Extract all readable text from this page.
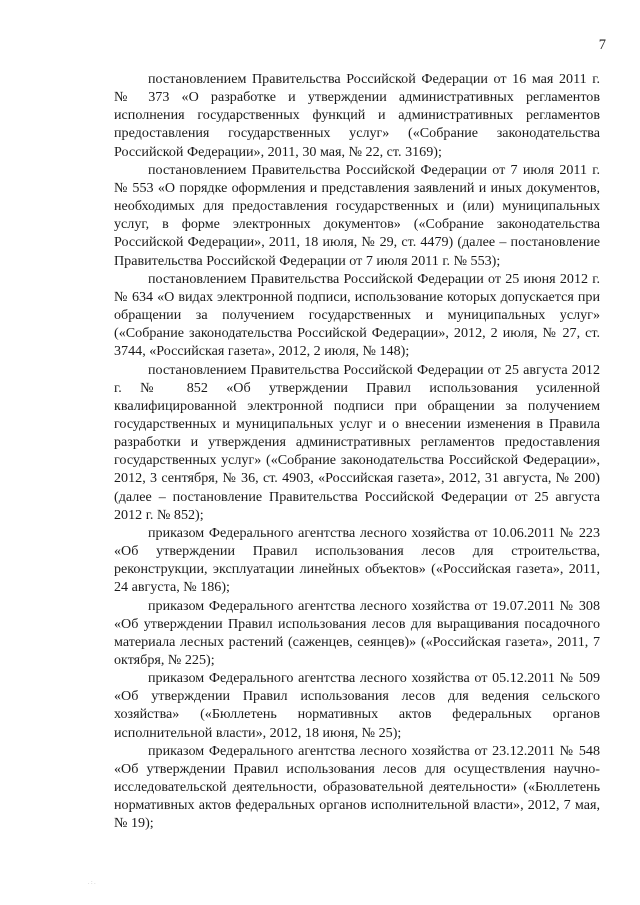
7

постановлением Правительства Российской Федерации от 16 мая 2011 г. № 373 «О разработке и утверждении административных регламентов исполнения государственных функций и административных регламентов предоставления государственных услуг» («Собрание законодательства Российской Федерации», 2011, 30 мая, № 22, ст. 3169);

постановлением Правительства Российской Федерации от 7 июля 2011 г. № 553 «О порядке оформления и представления заявлений и иных документов, необходимых для предоставления государственных и (или) муниципальных услуг, в форме электронных документов» («Собрание законодательства Российской Федерации», 2011, 18 июля, № 29, ст. 4479) (далее – постановление Правительства Российской Федерации от 7 июля 2011 г. № 553);

постановлением Правительства Российской Федерации от 25 июня 2012 г. № 634 «О видах электронной подписи, использование которых допускается при обращении за получением государственных и муниципальных услуг» («Собрание законодательства Российской Федерации», 2012, 2 июля, № 27, ст. 3744, «Российская газета», 2012, 2 июля, № 148);

постановлением Правительства Российской Федерации от 25 августа 2012 г. № 852 «Об утверждении Правил использования усиленной квалифицированной электронной подписи при обращении за получением государственных и муниципальных услуг и о внесении изменения в Правила разработки и утверждения административных регламентов предоставления государственных услуг» («Собрание законодательства Российской Федерации», 2012, 3 сентября, № 36, ст. 4903, «Российская газета», 2012, 31 августа, № 200) (далее – постановление Правительства Российской Федерации от 25 августа 2012 г. № 852);

приказом Федерального агентства лесного хозяйства от 10.06.2011 № 223 «Об утверждении Правил использования лесов для строительства, реконструкции, эксплуатации линейных объектов» («Российская газета», 2011, 24 августа, № 186);

приказом Федерального агентства лесного хозяйства от 19.07.2011 № 308 «Об утверждении Правил использования лесов для выращивания посадочного материала лесных растений (саженцев, сеянцев)» («Российская газета», 2011, 7 октября, № 225);

приказом Федерального агентства лесного хозяйства от 05.12.2011 № 509 «Об утверждении Правил использования лесов для ведения сельского хозяйства» («Бюллетень нормативных актов федеральных органов исполнительной власти», 2012, 18 июня, № 25);

приказом Федерального агентства лесного хозяйства от 23.12.2011 № 548 «Об утверждении Правил использования лесов для осуществления научно-исследовательской деятельности, образовательной деятельности» («Бюллетень нормативных актов федеральных органов исполнительной власти», 2012, 7 мая, № 19);

. : .
